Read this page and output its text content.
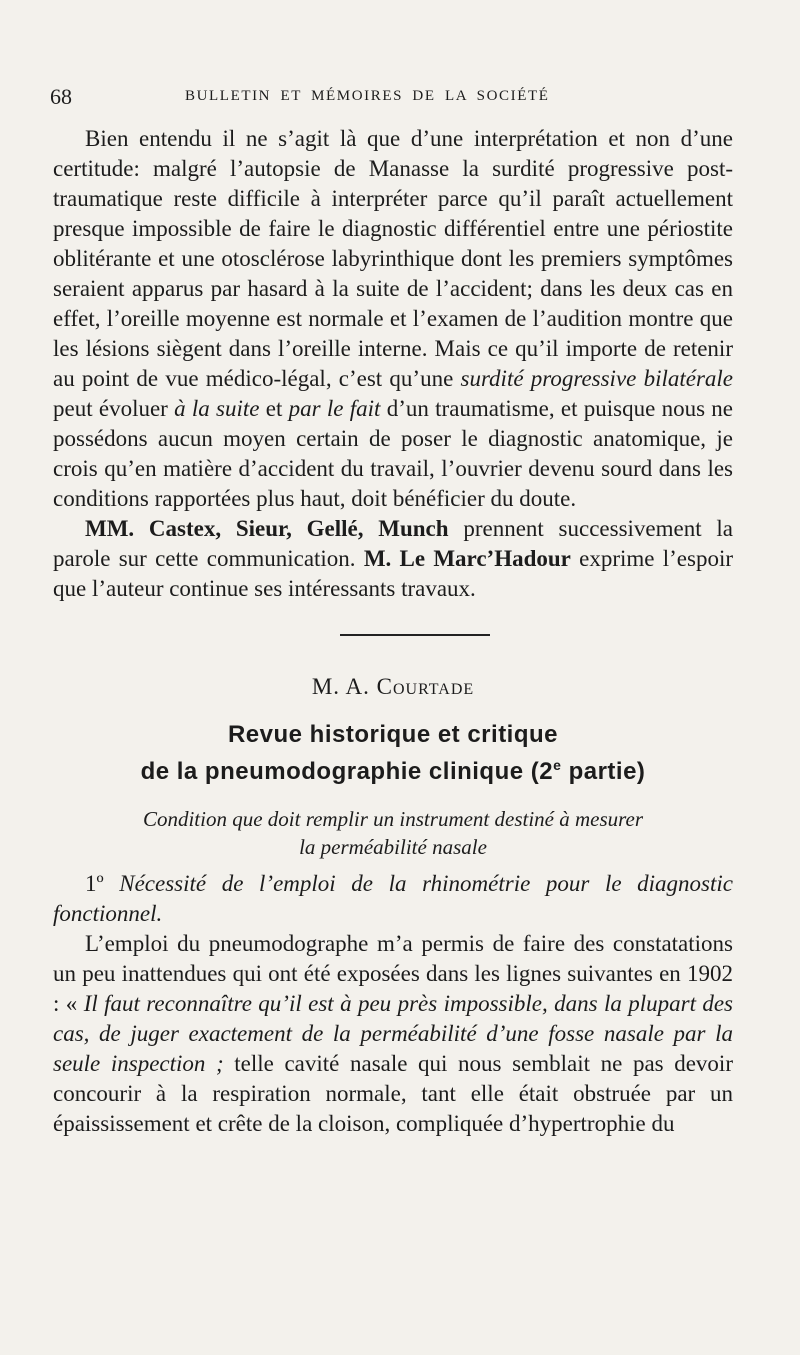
68	BULLETIN ET MÉMOIRES DE LA SOCIÉTÉ

Bien entendu il ne s’agit là que d’une interprétation et non d’une certitude: malgré l’autopsie de Manasse la surdité progressive post-traumatique reste difficile à interpréter parce qu’il paraît actuellement presque impossible de faire le diagnostic différentiel entre une périostite oblitérante et une otosclérose labyrinthique dont les premiers symptômes seraient apparus par hasard à la suite de l’accident; dans les deux cas en effet, l’oreille moyenne est normale et l’examen de l’audition montre que les lésions siègent dans l’oreille interne. Mais ce qu’il importe de retenir au point de vue médico-légal, c’est qu’une surdité progressive bilatérale peut évoluer à la suite et par le fait d’un traumatisme, et puisque nous ne possédons aucun moyen certain de poser le diagnostic anatomique, je crois qu’en matière d’accident du travail, l’ouvrier devenu sourd dans les conditions rapportées plus haut, doit bénéficier du doute.

MM. Castex, Sieur, Gellé, Munch prennent successivement la parole sur cette communication. M. Le Marc’Hadour exprime l’espoir que l’auteur continue ses intéressants travaux.

M. A. Courtade
Revue historique et critique
de la pneumodographie clinique (2e partie)
Condition que doit remplir un instrument destiné à mesurer
la perméabilité nasale

1º Nécessité de l’emploi de la rhinométrie pour le diagnostic fonctionnel.

L’emploi du pneumodographe m’a permis de faire des constatations un peu inattendues qui ont été exposées dans les lignes suivantes en 1902 : « Il faut reconnaître qu’il est à peu près impossible, dans la plupart des cas, de juger exactement de la perméabilité d’une fosse nasale par la seule inspection ; telle cavité nasale qui nous semblait ne pas devoir concourir à la respiration normale, tant elle était obstruée par un épaississement et crête de la cloison, compliquée d’hypertrophie du
